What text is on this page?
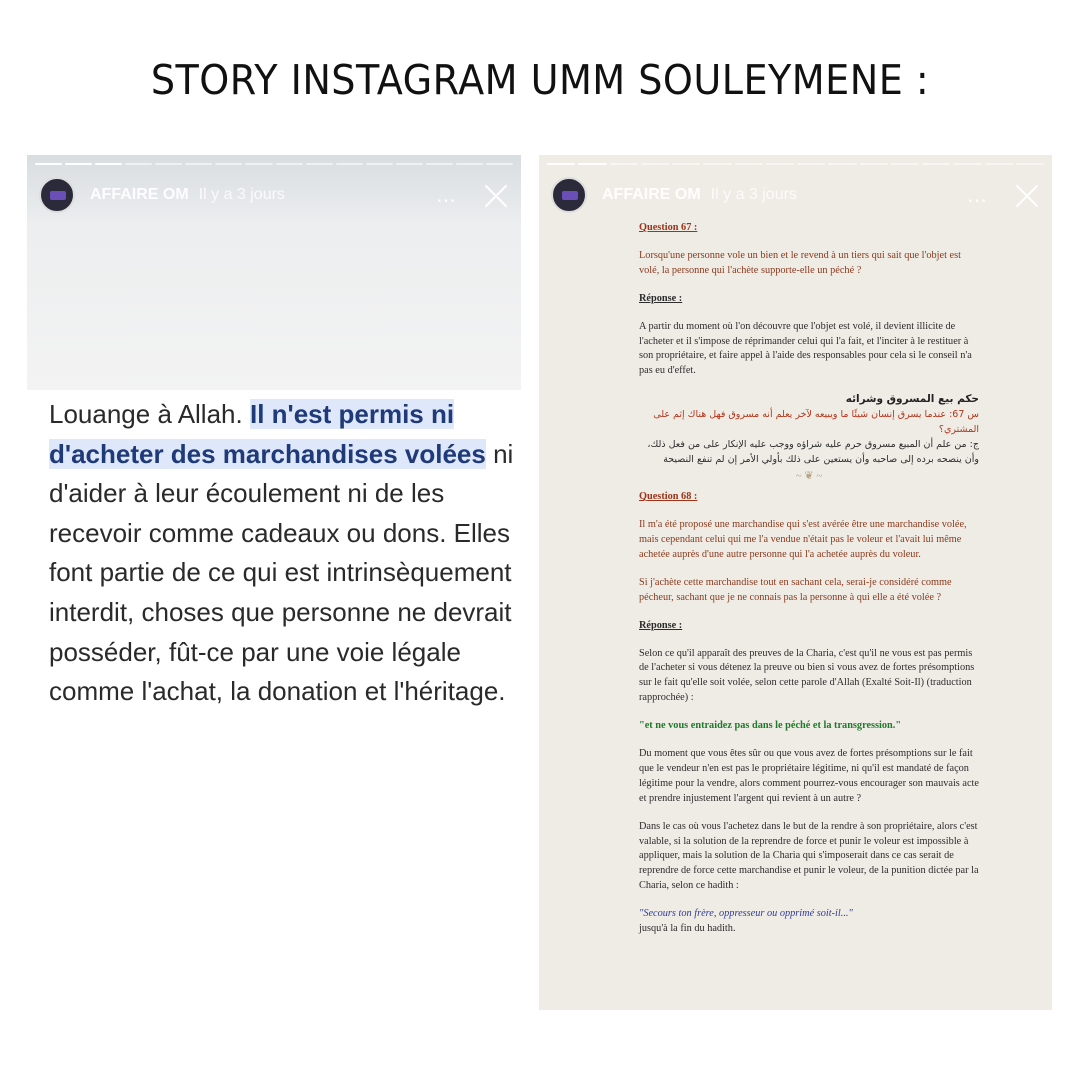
STORY INSTAGRAM UMM SOULEYMENE :
AFFAIRE OM Il y a 3 jours	…
Louange à Allah. Il n'est permis ni d'acheter des marchandises volées ni d'aider à leur écoulement ni de les recevoir comme cadeaux ou dons. Elles font partie de ce qui est intrinsèquement interdit, choses que personne ne devrait posséder, fût-ce par une voie légale comme l'achat, la donation et l'héritage.
AFFAIRE OM Il y a 3 jours	…

Question 67 :

Lorsqu'une personne vole un bien et le revend à un tiers qui sait que l'objet est volé, la personne qui l'achète supporte-elle un péché ?

Réponse :

A partir du moment où l'on découvre que l'objet est volé, il devient illicite de l'acheter et il s'impose de réprimander celui qui l'a fait, et l'inciter à le restituer à son propriétaire, et faire appel à l'aide des responsables pour cela si le conseil n'a pas eu d'effet.

حكم بيع المسروق وشرائه
س 67: عندما يسرق إنسان شيئًا ما ويبيعه لآخر يعلم أنه مسروق فهل هناك إثم على المشتري؟
ج: من علم أن المبيع مسروق حرم عليه شراؤه ووجب عليه الإنكار على من فعل ذلك، وأن ينصحه برده إلى صاحبه وأن يستعين على ذلك بأولي الأمر إن لم تنفع النصيحة
~ ❦ ~

Question 68 :

Il m'a été proposé une marchandise qui s'est avérée être une marchandise volée, mais cependant celui qui me l'a vendue n'était pas le voleur et l'avait lui même achetée auprès d'une autre personne qui l'a achetée auprès du voleur.

Si j'achète cette marchandise tout en sachant cela, serai-je considéré comme pécheur, sachant que je ne connais pas la personne à qui elle a été volée ?

Réponse :

Selon ce qu'il apparaît des preuves de la Charia, c'est qu'il ne vous est pas permis de l'acheter si vous détenez la preuve ou bien si vous avez de fortes présomptions sur le fait qu'elle soit volée, selon cette parole d'Allah (Exalté Soit-Il) (traduction rapprochée) :

"et ne vous entraidez pas dans le péché et la transgression."

Du moment que vous êtes sûr ou que vous avez de fortes présomptions sur le fait que le vendeur n'en est pas le propriétaire légitime, ni qu'il est mandaté de façon légitime pour la vendre, alors comment pourrez-vous encourager son mauvais acte et prendre injustement l'argent qui revient à un autre ?

Dans le cas où vous l'achetez dans le but de la rendre à son propriétaire, alors c'est valable, si la solution de la reprendre de force et punir le voleur est impossible à appliquer, mais la solution de la Charia qui s'imposerait dans ce cas serait de reprendre de force cette marchandise et punir le voleur, de la punition dictée par la Charia, selon ce hadith :

"Secours ton frère, oppresseur ou opprimé soit-il..."
jusqu'à la fin du hadith.
